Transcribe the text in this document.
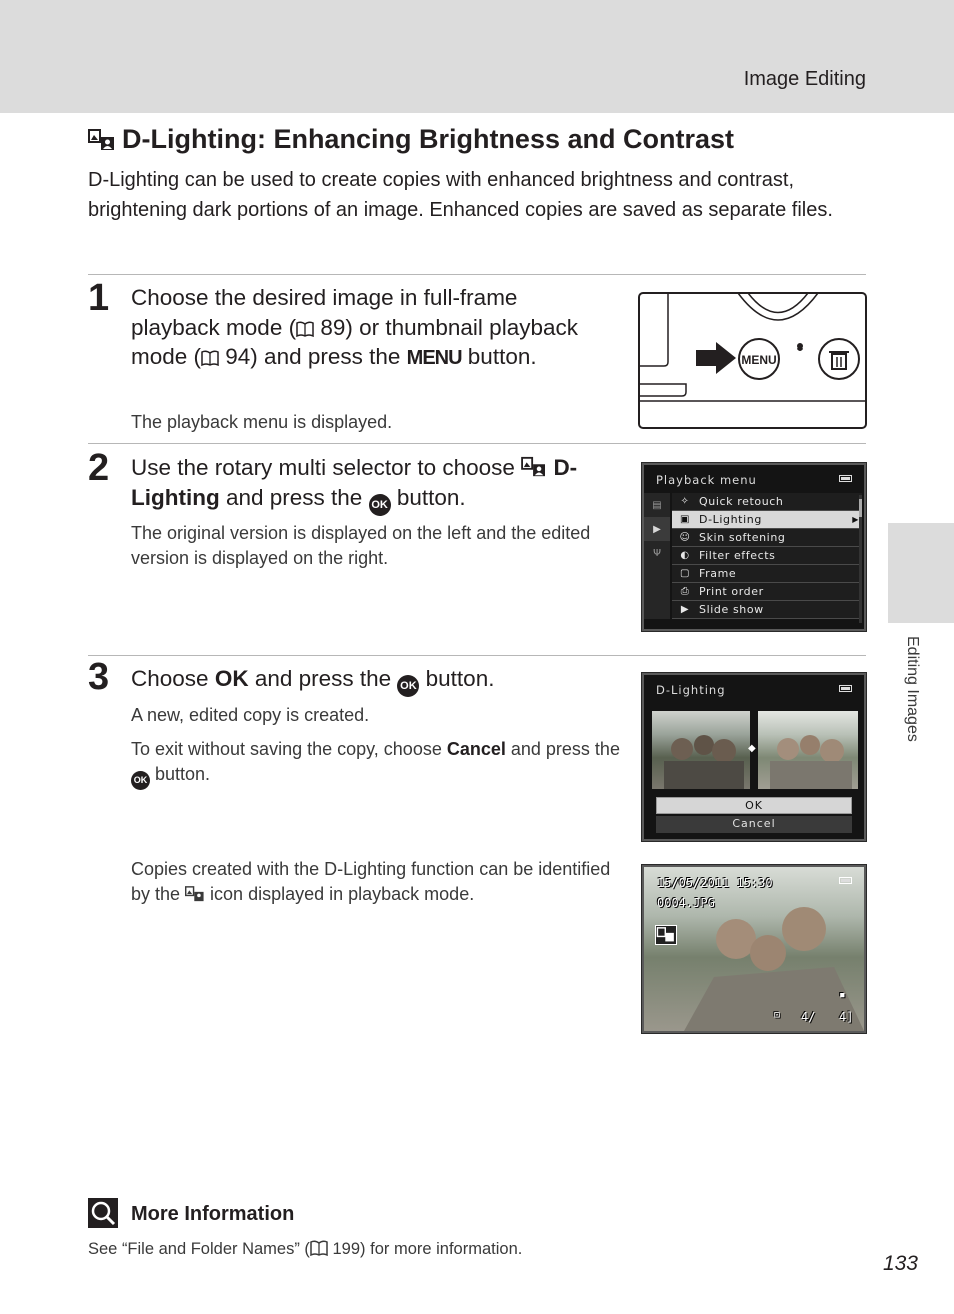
Image Editing
D-Lighting: Enhancing Brightness and Contrast
D-Lighting can be used to create copies with enhanced brightness and contrast, brightening dark portions of an image. Enhanced copies are saved as separate files.
1 Choose the desired image in full-frame playback mode ( 89) or thumbnail playback mode ( 94) and press the MENU button.
The playback menu is displayed.
MENU
2 Use the rotary multi selector to choose  D-Lighting and press the OK button.
The original version is displayed on the left and the edited version is displayed on the right.
Playback menu
▤
▶
Ψ
✧ Quick retouch
▣ D-Lighting	▶
☺ Skin softening
◐ Filter effects
▢ Frame
⎙ Print order
▶ Slide show
3 Choose OK and press the OK button.
A new, edited copy is created.
To exit without saving the copy, choose Cancel and press the OK button.
D-Lighting
◆
OK
Cancel
Copies created with the D-Lighting function can be identified by the  icon displayed in playback mode.
15/05/2011 15:30
0004.JPG
▪
⊡ 4/ 4]
Editing Images
More Information
See “File and Folder Names” ( 199) for more information.
133
